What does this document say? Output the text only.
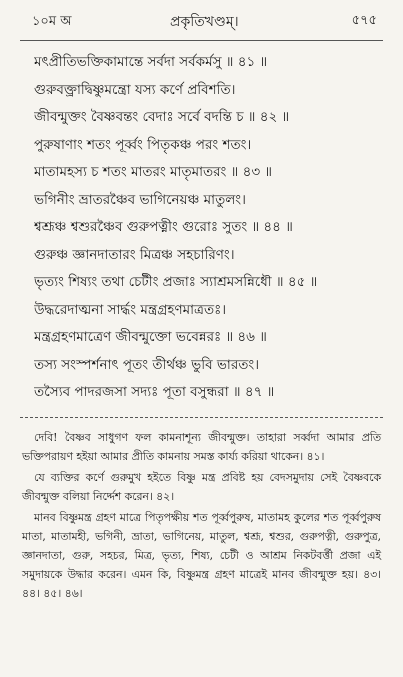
১০ম অ	প্রকৃতিখণ্ডম্।	৫৭৫
মৎপ্রীতিভক্তিকামান্তে সর্বদা সর্বকর্মসু ॥ ৪১ ॥
গুরুবক্ত্রাদ্বিষ্ণুমন্ত্রো যস্য কর্ণে প্রবিশতি।
জীবন্মুক্তং বৈষ্ণবন্তং বেদাঃ সর্বে বদন্তি চ ॥ ৪২ ॥
পুরুষাণাং শতং পূর্ব্বং পিতৃকঞ্চ পরং শতং।
মাতামহস্য চ শতং মাতরং মাতৃমাতরং ॥ ৪৩ ॥
ভগিনীং ভ্রাতরঞ্চৈব ভাগিনেয়ঞ্চ মাতুলং।
শ্বশ্রূঞ্চ শ্বশুরঞ্চৈব গুরুপত্নীং গুরোঃ সুতং ॥ ৪৪ ॥
গুরুঞ্চ জ্ঞানদাতারং মিত্রঞ্চ সহচারিণং।
ভৃত্যং শিষ্যং তথা চেটীং প্রজাঃ স্যাশ্রমসন্নিধৌ ॥ ৪৫ ॥
উদ্ধরেদাত্মনা সার্দ্ধং মন্ত্রগ্রহণমাত্রতঃ।
মন্ত্রগ্রহণমাত্রেণ জীবন্মুক্তো ভবেন্নরঃ ॥ ৪৬ ॥
তস্য সংস্পর্শনাৎ পূতং তীর্থঞ্চ ভুবি ভারতং।
তস্যৈব পাদরজসা সদ্যঃ পূতা বসুন্ধরা ॥ ৪৭ ॥

দেবি! বৈষ্ণব সাধুগণ ফল কামনাশূন্য জীবন্মুক্ত। তাহারা সর্ব্বদা আমার প্রতি ভক্তিপরায়ণ হইয়া আমার প্রীতি কামনায় সমস্ত কার্য্য করিয়া থাকেন। ৪১।

যে ব্যক্তির কর্ণে গুরুমুখ হইতে বিষ্ণু মন্ত্র প্রবিষ্ট হয় বেদসমুদায় সেই বৈষ্ণবকে জীবন্মুক্ত বলিয়া নির্দ্দেশ করেন। ৪২।

মানব বিষ্ণুমন্ত্র গ্রহণ মাত্রে পিতৃপক্ষীয় শত পূর্ব্বপুরুষ, মাতামহ কুলের শত পূর্ব্বপুরুষ মাতা, মাতামহী, ভগিনী, ভ্রাতা, ভাগিনেয়, মাতুল, শ্বশ্রূ, শ্বশুর, গুরুপত্নী, গুরুপুত্র, জ্ঞানদাতা, গুরু, সহচর, মিত্র, ভৃত্য, শিষ্য, চেটী ও আশ্রম নিকটবর্ত্তী প্রজা এই সমুদায়কে উদ্ধার করেন। এমন কি, বিষ্ণুমন্ত্র গ্রহণ মাত্রেই মানব জীবন্মুক্ত হয়। ৪৩। ৪৪। ৪৫। ৪৬।
